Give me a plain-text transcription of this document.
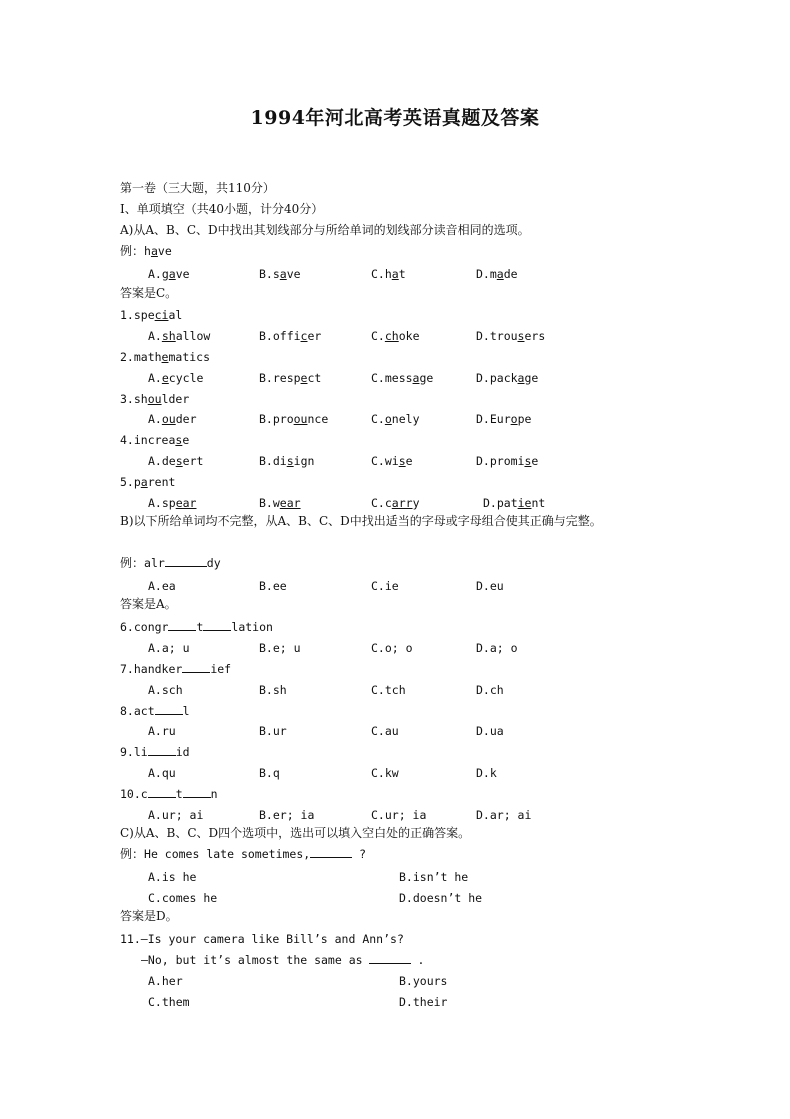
1994年河北高考英语真题及答案
第一卷（三大题，共110分）
I、单项填空（共40小题，计分40分）
A)从A、B、C、D中找出其划线部分与所给单词的划线部分读音相同的选项。
例：have
A.gave	B.save	C.hat	D.made
答案是C。
1.special
A.shallow	B.officer	C.choke	D.trousers
2.mathematics
A.ecycle	B.respect	C.message	D.package
3.shoulder
A.ouder	B.proounce	C.onely	D.Europe
4.increase
A.desert	B.disign	C.wise	D.promise
5.parent
A.spear	B.wear	C.carry	D.patient
B)以下所给单词均不完整，从A、B、C、D中找出适当的字母或字母组合使其正确与完整。
例：alr	dy
A.ea	B.ee	C.ie	D.eu
答案是A。
6.congr t lation
A.a; u	B.e; u	C.o; o	D.a; o
7.handker ief
A.sch	B.sh	C.tch	D.ch
8.act l
A.ru	B.ur	C.au	D.ua
9.li id
A.qu	B.q	C.kw	D.k
10.c t n
A.ur; ai	B.er; ia	C.ur; ia	D.ar; ai
C)从A、B、C、D四个选项中，选出可以填入空白处的正确答案。
例：He comes late sometimes,	?
A.is he	B.isn’t he
C.comes he	D.doesn’t he
答案是D。
11.—Is your camera like Bill’s and Ann’s?
—No, but it’s almost the same as	.
A.her	B.yours
C.them	D.their
